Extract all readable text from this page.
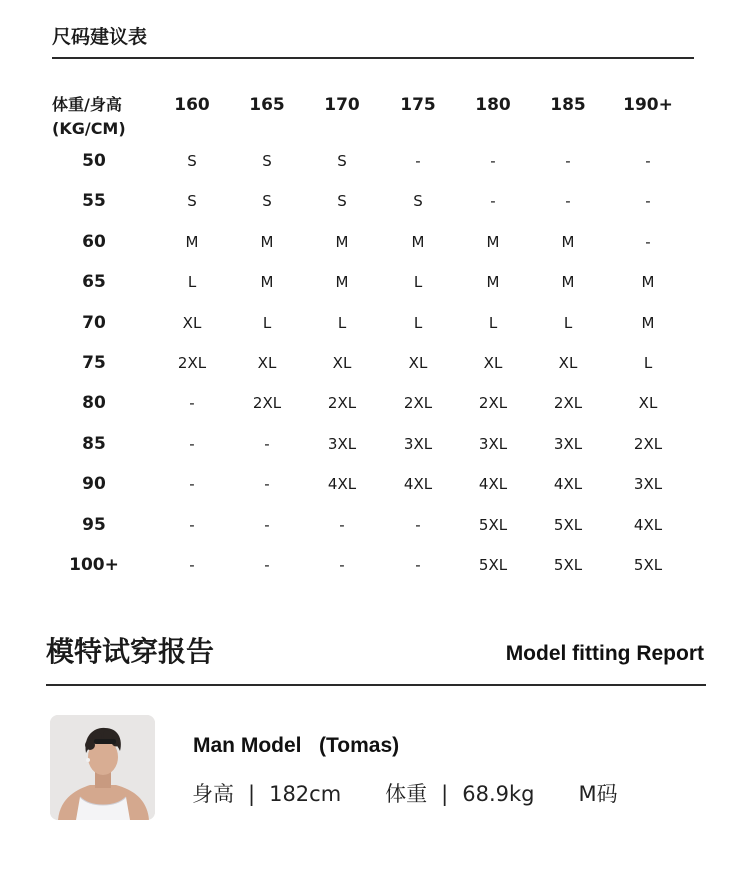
尺码建议表
体重/身高
(KG/CM)
160 165 170 175 180 185 190+
50	S	S	S	-	-	-	-
55	S	S	S	S	-	-	-
60	M	M	M	M	M	M	-
65	L	M	M	L	M	M	M
70	XL	L	L	L	L	L	M
75	2XL	XL	XL	XL	XL	XL	L
80	-	2XL	2XL	2XL	2XL	2XL	XL
85	-	-	3XL	3XL	3XL	3XL	2XL
90	-	-	4XL	4XL	4XL	4XL	3XL
95	-	-	-	-	5XL	5XL	4XL
100+	-	-	-	-	5XL	5XL	5XL
模特试穿报告	Model fitting Report
Man Model   (Tomas)
身高 | 182cm 体重 | 68.9kg M码
